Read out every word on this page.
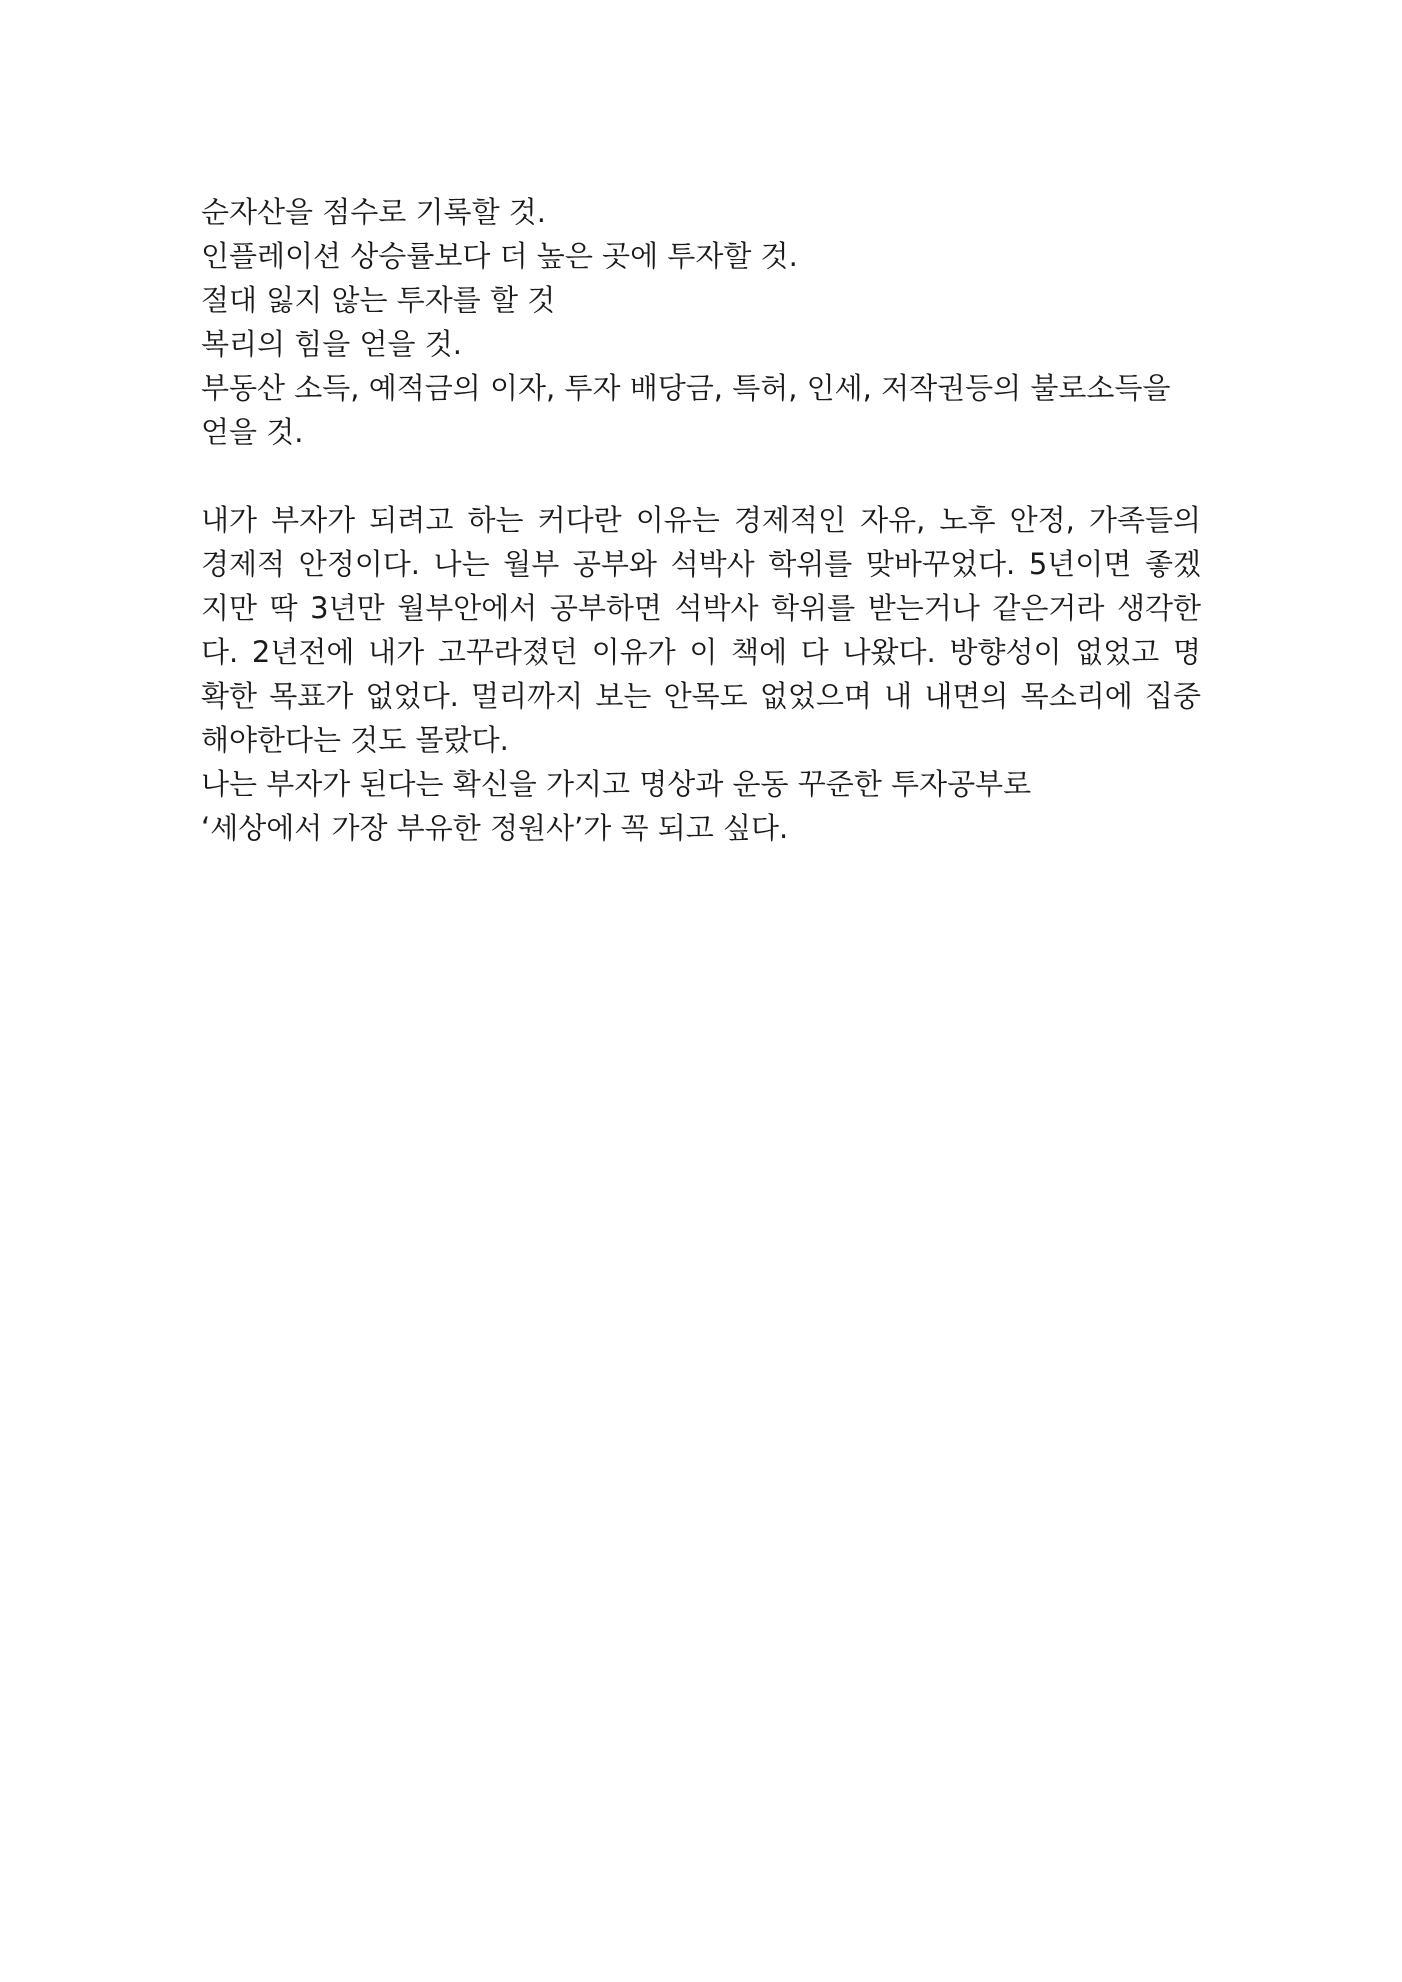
순자산을 점수로 기록할 것.
인플레이션 상승률보다 더 높은 곳에 투자할 것.
절대 잃지 않는 투자를 할 것
복리의 힘을 얻을 것.
부동산 소득, 예적금의 이자, 투자 배당금, 특허, 인세, 저작권등의 불로소득을
얻을 것.
내가 부자가 되려고 하는 커다란 이유는 경제적인 자유, 노후 안정, 가족들의
경제적 안정이다. 나는 월부 공부와 석박사 학위를 맞바꾸었다. 5년이면 좋겠
지만 딱 3년만 월부안에서 공부하면 석박사 학위를 받는거나 같은거라 생각한
다. 2년전에 내가 고꾸라졌던 이유가 이 책에 다 나왔다. 방향성이 없었고 명
확한 목표가 없었다. 멀리까지 보는 안목도 없었으며 내 내면의 목소리에 집중
해야한다는 것도 몰랐다.
나는 부자가 된다는 확신을 가지고 명상과 운동 꾸준한 투자공부로
‘세상에서 가장 부유한 정원사’가 꼭 되고 싶다.
